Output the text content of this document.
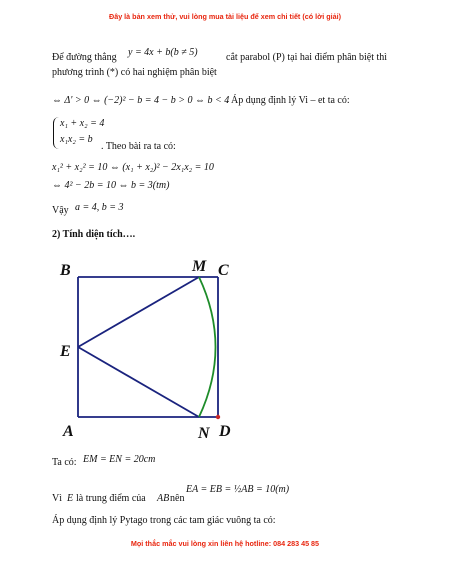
Đây là bản xem thử, vui lòng mua tài liệu để xem chi tiết (có lời giải)
Để đường thẳng y = 4x + b(b ≠ 5)	cắt parabol (P) tại hai điểm phân biệt thì
phương trình (*) có hai nghiệm phân biệt
⇔ Δ' > 0 ⇔ (−2)² − b = 4 − b > 0 ⇔ b < 4
. Áp dụng định lý Vi – et ta có:
x₁ + x₂ = 4
x₁x₂ = b
. Theo bài ra ta có:
x₁² + x₂² = 10 ⇔ (x₁ + x₂)² − 2x₁x₂ = 10
⇔ 4² − 2b = 10 ⇔ b = 3(tm)
Vậy a = 4, b = 3
2) Tính diện tích….
B	M C
E
A	N D
Ta có: EM = EN = 20cm
EA = EB = ½AB = 10(m)
Vì E là trung điểm của AB nên
Áp dụng định lý Pytago trong các tam giác vuông ta có:
Mọi thắc mắc vui lòng xin liên hệ hotline: 084 283 45 85
